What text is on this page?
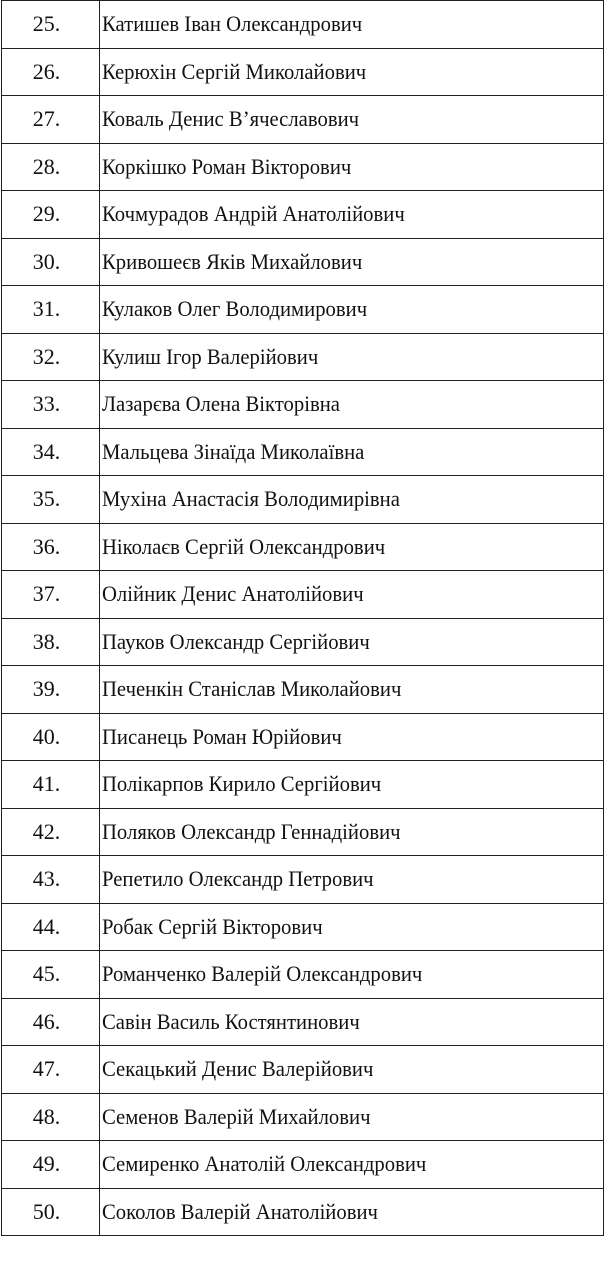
25.	Катишев Іван Олександрович
26.	Керюхін Сергій Миколайович
27.	Коваль Денис В’ячеславович
28.	Коркішко Роман Вікторович
29.	Кочмурадов Андрій Анатолійович
30.	Кривошеєв Яків Михайлович
31.	Кулаков Олег Володимирович
32.	Кулиш Ігор Валерійович
33.	Лазарєва Олена Вікторівна
34.	Мальцева Зінаїда Миколаївна
35.	Мухіна Анастасія Володимирівна
36.	Ніколаєв Сергій Олександрович
37.	Олійник Денис Анатолійович
38.	Пауков Олександр Сергійович
39.	Печенкін Станіслав Миколайович
40.	Писанець Роман Юрійович
41.	Полікарпов Кирило Сергійович
42.	Поляков Олександр Геннадійович
43.	Репетило Олександр Петрович
44.	Робак Сергій Вікторович
45.	Романченко Валерій Олександрович
46.	Савін Василь Костянтинович
47.	Секацький Денис Валерійович
48.	Семенов Валерій Михайлович
49.	Семиренко Анатолій Олександрович
50.	Соколов Валерій Анатолійович
